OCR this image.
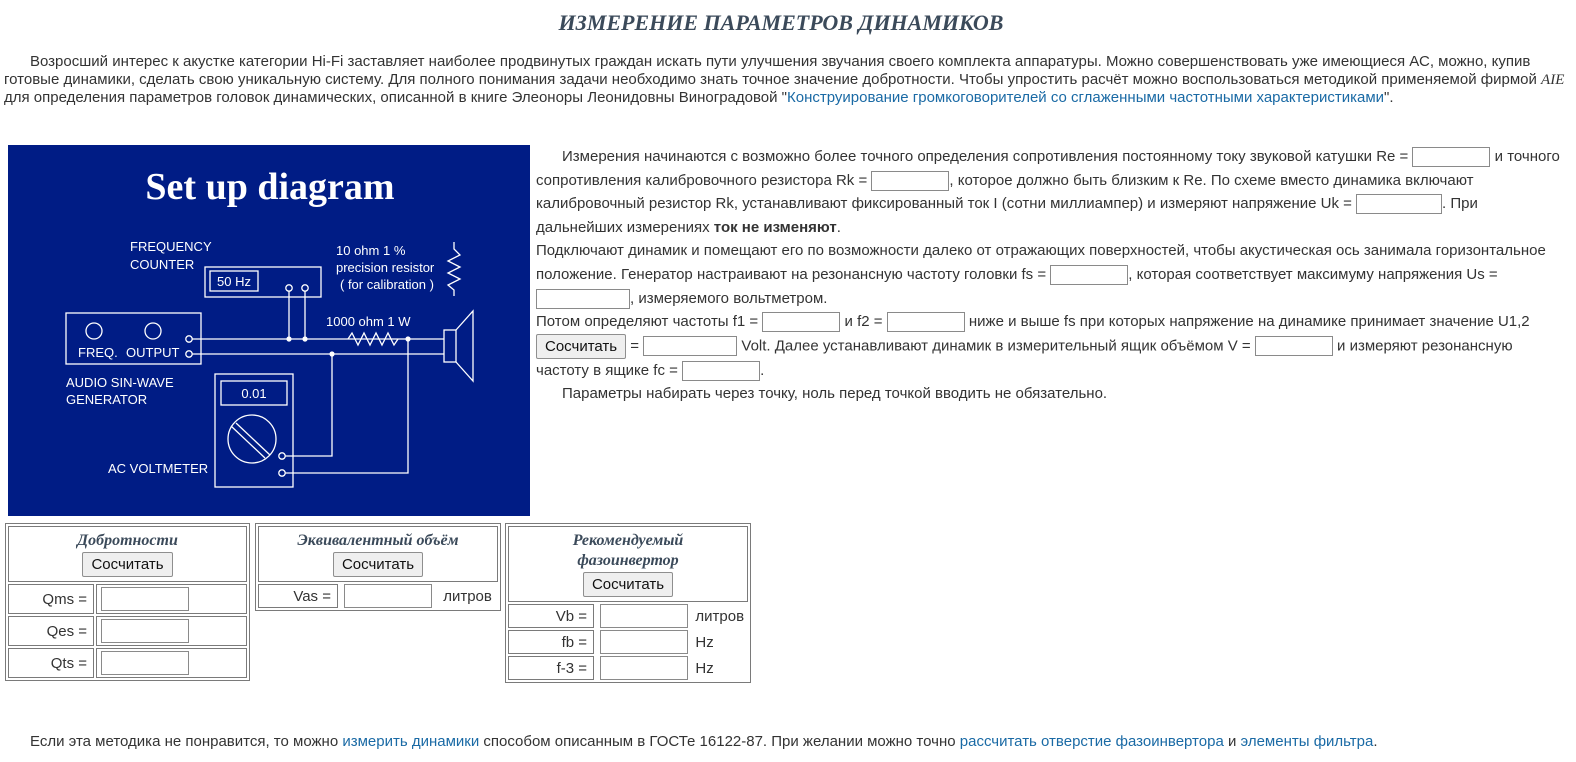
ИЗМЕРЕНИЕ ПАРАМЕТРОВ ДИНАМИКОВ

Возросший интерес к акустке категории Hi-Fi заставляет наиболее продвинутых граждан искать пути улучшения звучания своего комплекта аппаратуры. Можно совершенствовать уже имеющиеся АС, можно, купив готовые динамики, сделать свою уникальную систему. Для полного понимания задачи необходимо знать точное значение добротности. Чтобы упростить расчёт можно воспользоваться методикой применяемой фирмой AIE для определения параметров головок динамических, описанной в книге Элеоноры Леонидовны Виноградовой "Конструирование громкоговорителей со сглаженными частотными характеристиками".

Set up diagram
FREQUENCY
COUNTER
50 Hz
10 ohm 1 %
precision resistor
( for calibration )
1000 ohm 1 W
FREQ. OUTPUT
AUDIO SIN-WAVE
GENERATOR	0.01
AC VOLTMETER

Измерения начинаются с возможно более точного определения сопротивления постоянному току звуковой катушки Re =	и точного сопротивления калибровочного резистора Rk =	, которое должно быть близким к Re. По схеме вместо динамика включают калибровочный резистор Rk, устанавливают фиксированный ток I (сотни миллиампер) и измеряют напряжение Uk =	. При дальнейших измерениях ток не изменяют.
Подключают динамик и помещают его по возможности далеко от отражающих поверхностей, чтобы акустическая ось занимала горизонтальное положение. Генератор настраивают на резонансную частоту головки fs =	, которая соответствует максимуму напряжения Us = , измеряемого вольтметром.
Потом определяют частоты f1 =	и f2 =	ниже и выше fs при которых напряжение на динамике принимает значение U1,2 Сосчитать =	Volt. Далее устанавливают динамик в измерительный ящик объёмом V =	и измеряют резонансную частоту в ящике fc =	.
Параметры набирать через точку, ноль перед точкой вводить не обязательно.

Добротности
Сосчитать	
Qms =	
Qes =	
Qts =	
Эквивалентный объём
Сосчитать
Vas =		литров
Рекомендуемый фазоинвертор
Сосчитать		
Vb =		литров
fb =		Hz
f-3 =		Hz

Если эта методика не понравится, то можно измерить динамики способом описанным в ГОСТе 16122-87. При желании можно точно рассчитать отверстие фазоинвертора и элементы фильтра.
